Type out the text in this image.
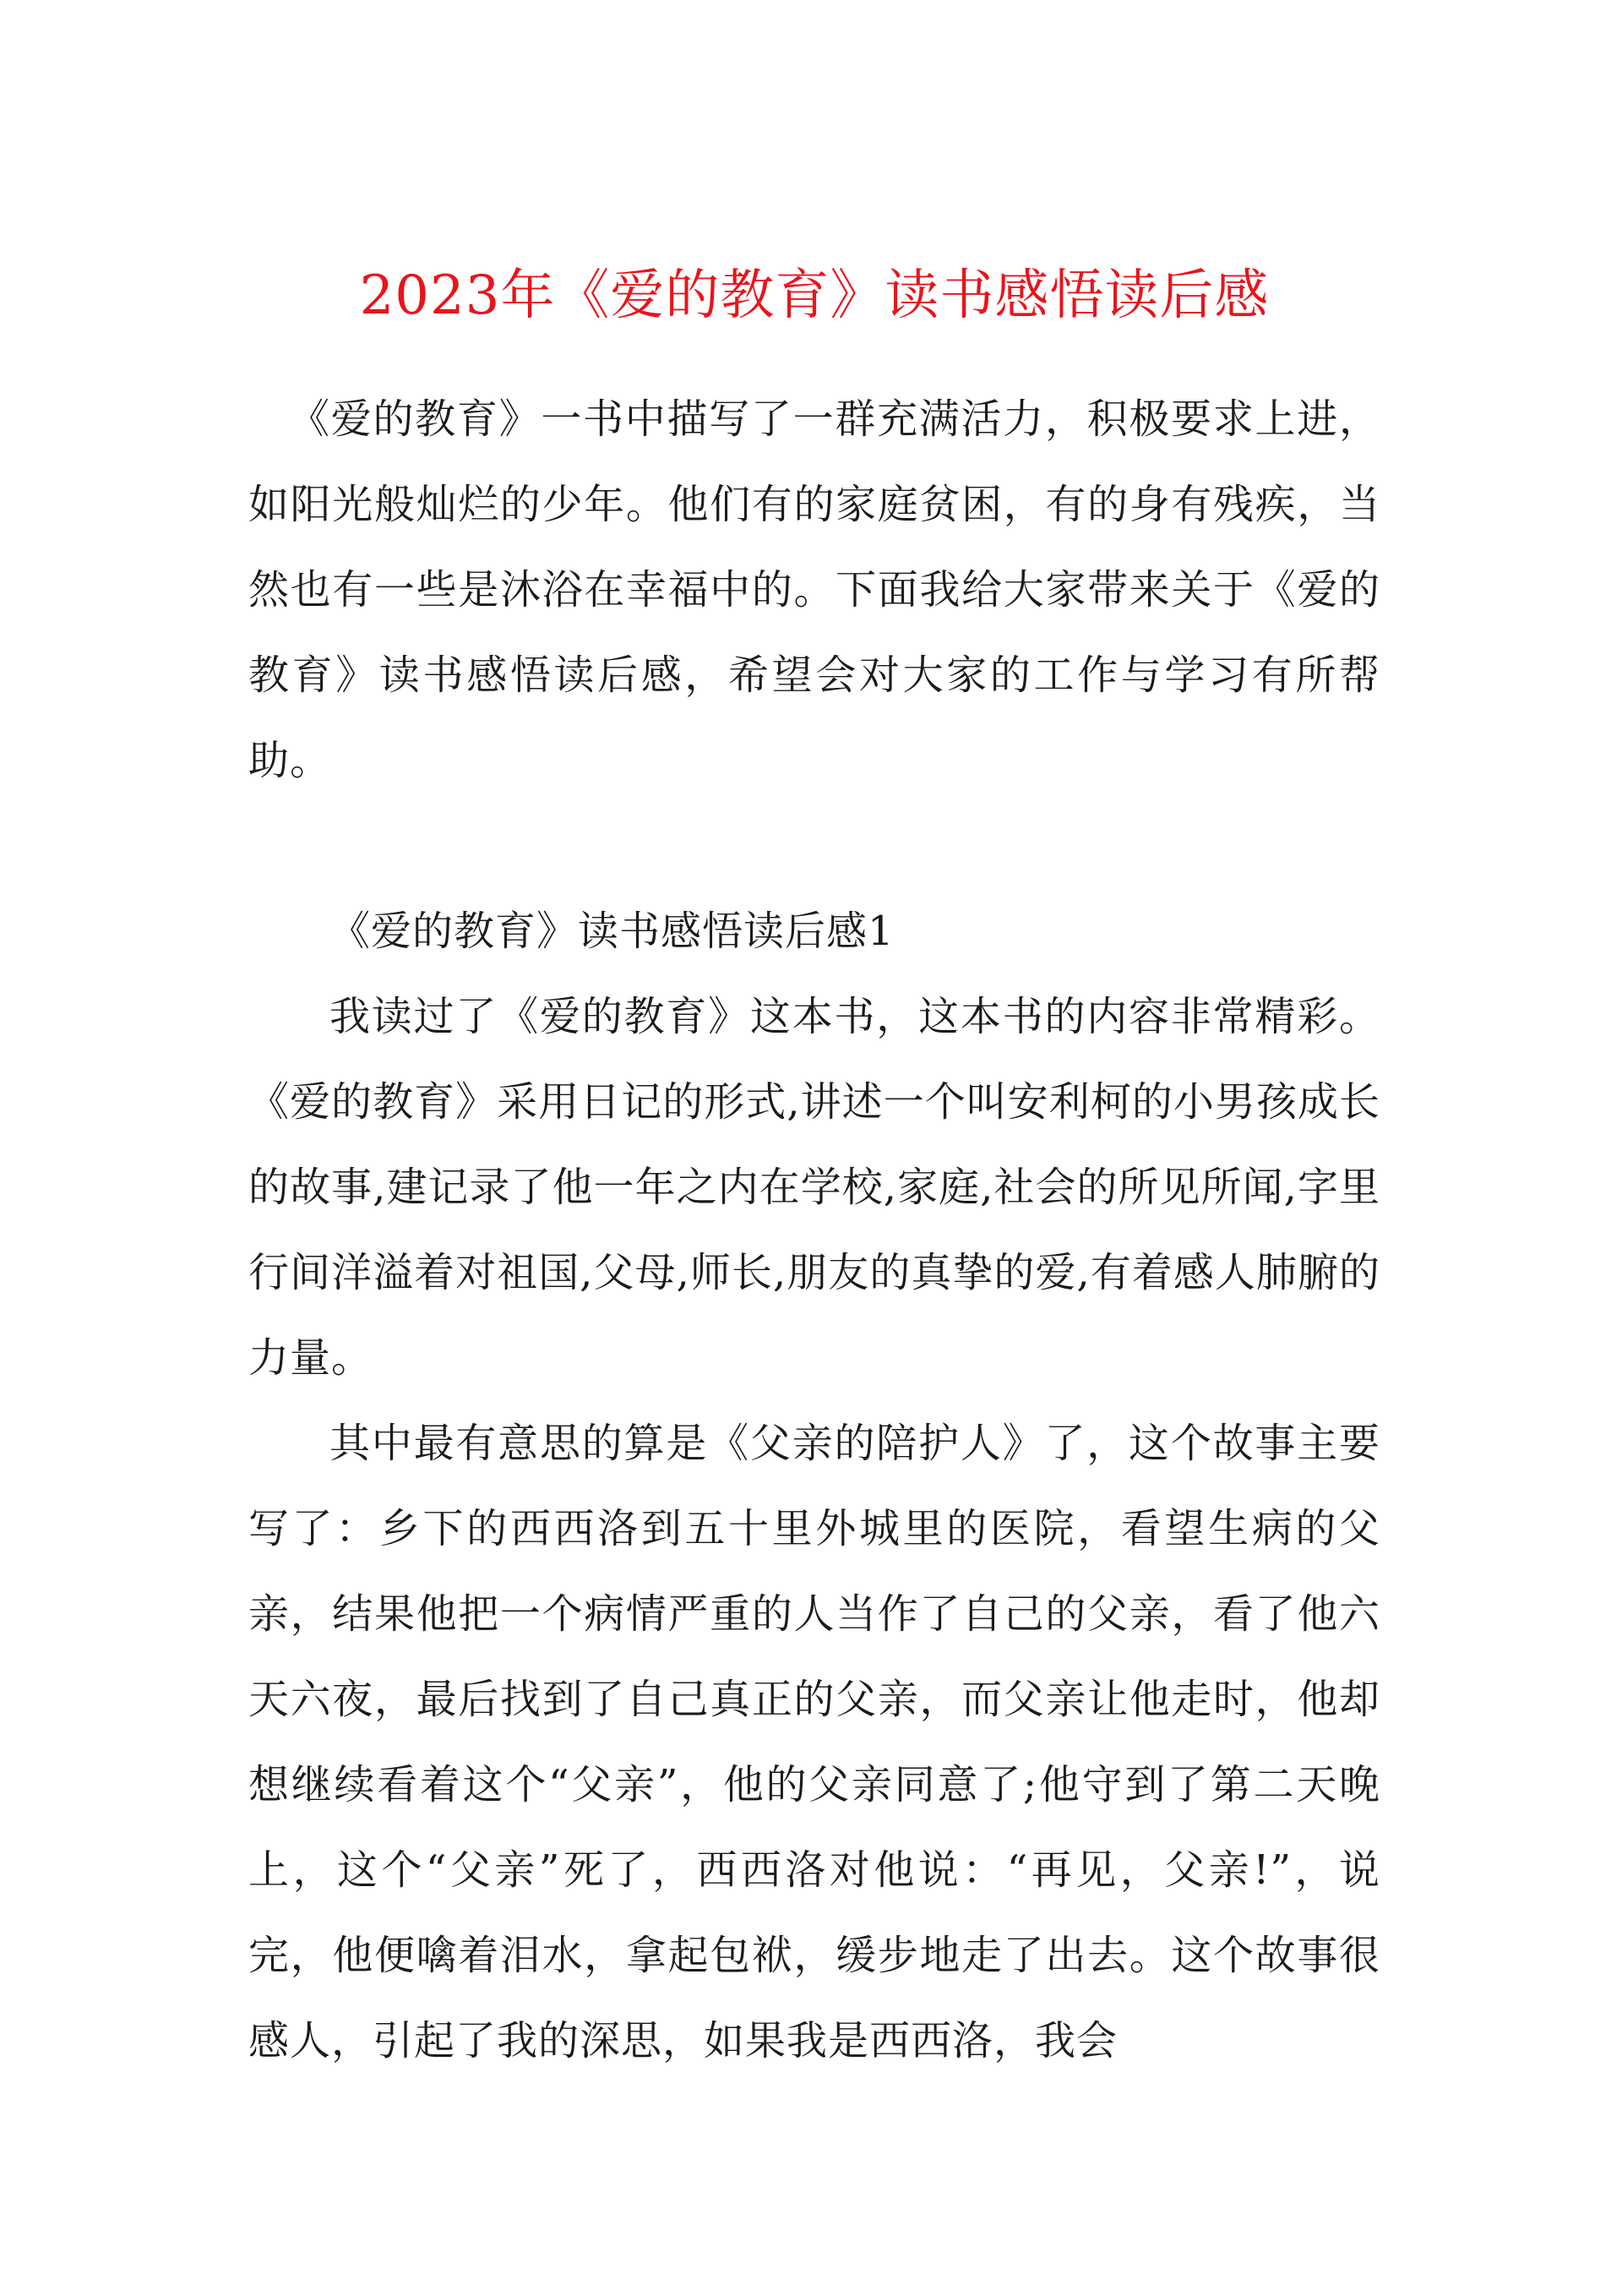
2023年《爱的教育》读书感悟读后感

《爱的教育》一书中描写了一群充满活力，积极要求上进，如阳光般灿烂的少年。他们有的家庭贫困，有的身有残疾，当然也有一些是沐浴在幸福中的。下面我给大家带来关于《爱的教育》读书感悟读后感，希望会对大家的工作与学习有所帮助。

《爱的教育》读书感悟读后感1

我读过了《爱的教育》这本书，这本书的内容非常精彩。《爱的教育》采用日记的形式,讲述一个叫安利柯的小男孩成长的故事,建记录了他一年之内在学校,家庭,社会的所见所闻,字里行间洋溢着对祖国,父母,师长,朋友的真挚的爱,有着感人肺腑的力量。

其中最有意思的算是《父亲的陪护人》了，这个故事主要写了：乡下的西西洛到五十里外城里的医院，看望生病的父亲，结果他把一个病情严重的人当作了自己的父亲，看了他六天六夜，最后找到了自己真正的父亲，而父亲让他走时，他却想继续看着这个“父亲”，他的父亲同意了;他守到了第二天晚上，这个“父亲”死了，西西洛对他说：“再见，父亲!”，说完，他便噙着泪水，拿起包袱，缓步地走了出去。这个故事很感人，引起了我的深思，如果我是西西洛，我会
